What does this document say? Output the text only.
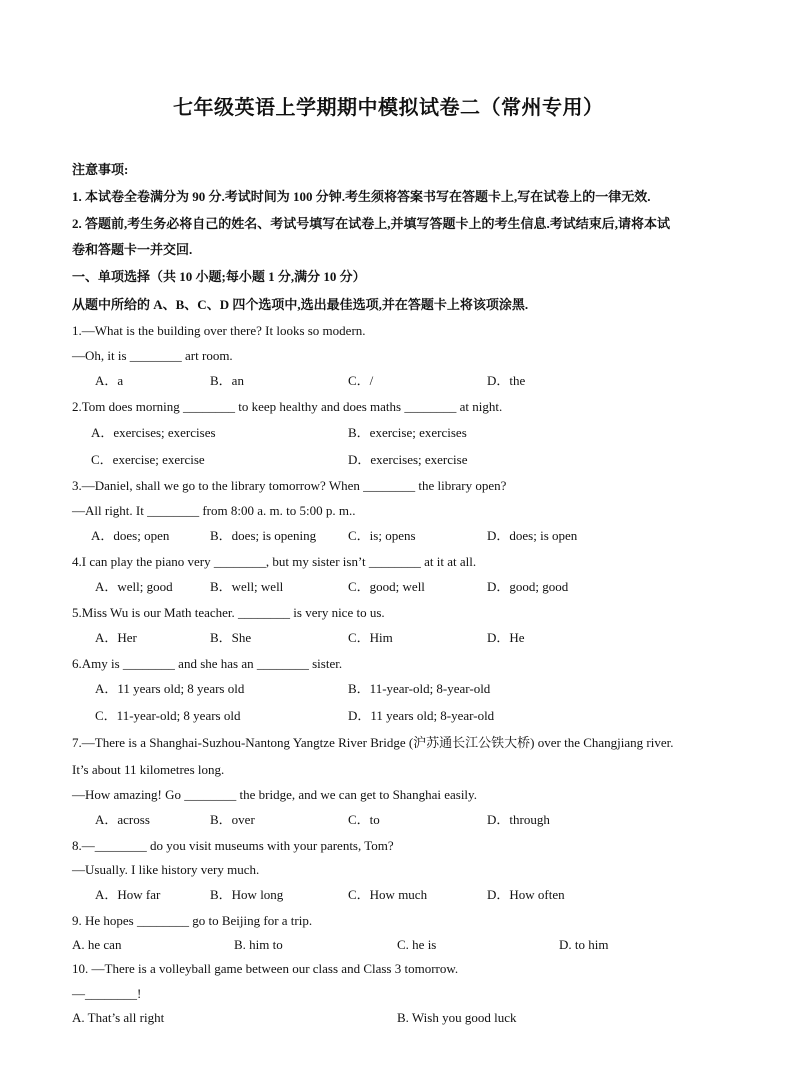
七年级英语上学期期中模拟试卷二（常州专用）
注意事项:
1. 本试卷全卷满分为 90 分.考试时间为 100 分钟.考生须将答案书写在答题卡上,写在试卷上的一律无效.
2. 答题前,考生务必将自己的姓名、考试号填写在试卷上,并填写答题卡上的考生信息.考试结束后,请将本试
卷和答题卡一并交回.
一、单项选择（共 10 小题;每小题 1 分,满分 10 分）
从题中所给的 A、B、C、D 四个选项中,选出最佳选项,并在答题卡上将该项涂黑.
1.—What is the building over there? It looks so modern.
—Oh, it is ________ art room.
A．a	B．an	C．/	D．the
2.Tom does morning ________ to keep healthy and does maths ________ at night.
A．exercises; exercises	B．exercise; exercises
C．exercise; exercise	D．exercises; exercise
3.—Daniel, shall we go to the library tomorrow? When ________ the library open?
—All right. It ________ from 8:00 a. m. to 5:00 p. m..
A．does; open	B．does; is opening C．is; opens	D．does; is open
4.I can play the piano very ________, but my sister isn’t ________ at it at all.
A．well; good	B．well; well	C．good; well	D．good; good
5.Miss Wu is our Math teacher. ________ is very nice to us.
A．Her	B．She	C．Him	D．He
6.Amy is ________ and she has an ________ sister.
A．11 years old; 8 years old	B．11-year-old; 8-year-old
C．11-year-old; 8 years old	D．11 years old; 8-year-old
7.—There is a Shanghai-Suzhou-Nantong Yangtze River Bridge (沪苏通长江公铁大桥) over the Changjiang river.
It’s about 11 kilometres long.
—How amazing! Go ________ the bridge, and we can get to Shanghai easily.
A．across	B．over	C．to	D．through
8.—________ do you visit museums with your parents, Tom?
—Usually. I like history very much.
A．How far	B．How long	C．How much	D．How often
9. He hopes ________ go to Beijing for a trip.
A. he can	B. him to	C. he is	D. to him
10. —There is a volleyball game between our class and Class 3 tomorrow.
—________!
A. That’s all right	B. Wish you good luck
